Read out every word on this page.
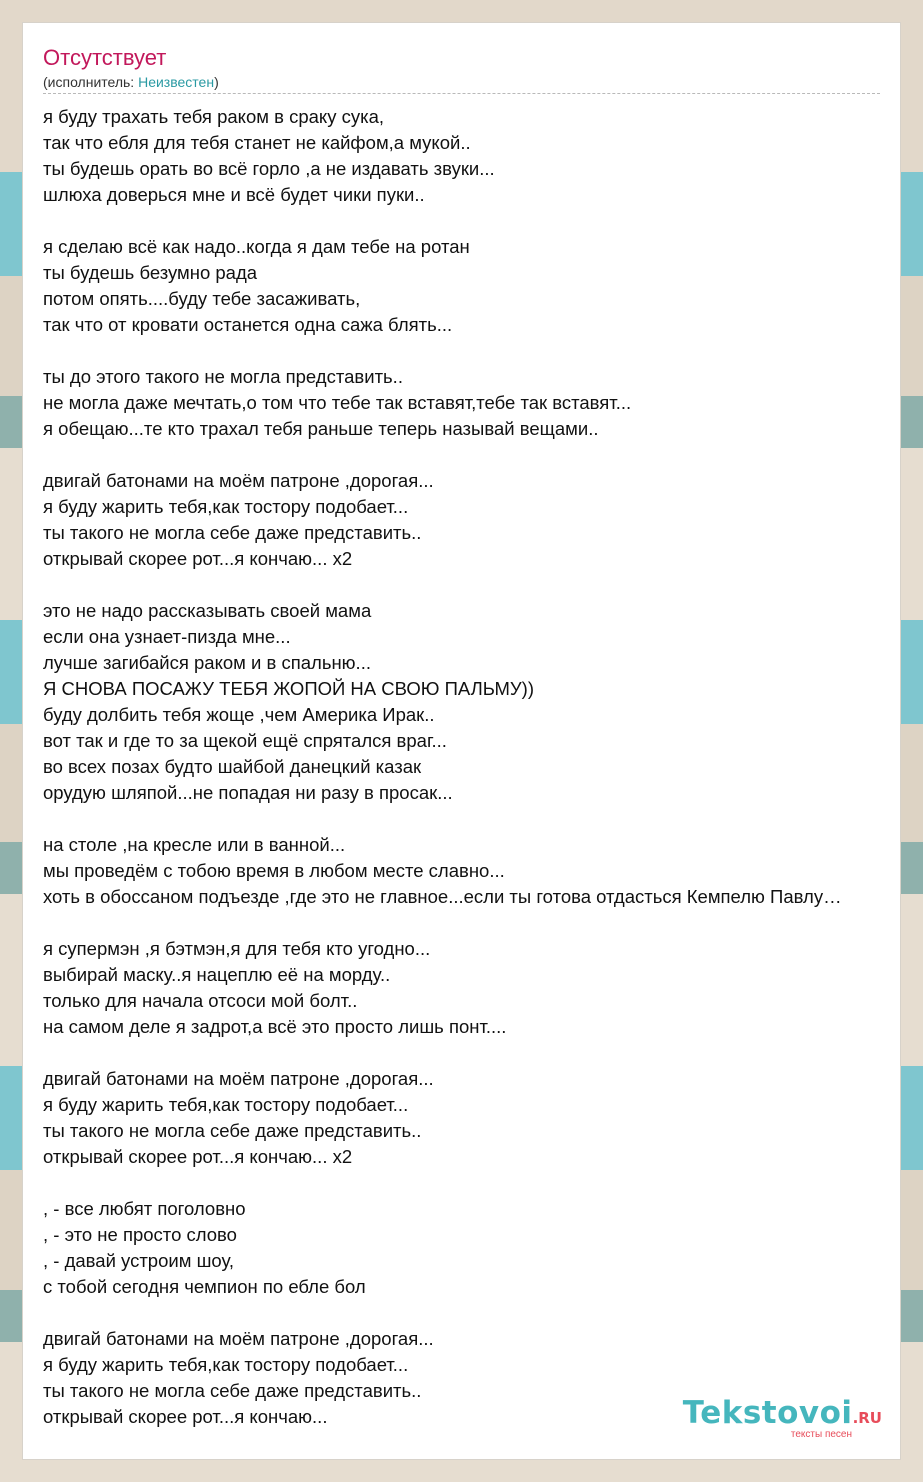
Отсутствует
(исполнитель: Неизвестен)
я буду трахать тебя раком в сраку сука,
так что ебля для тебя станет не кайфом,а мукой..
ты будешь орать во всё горло ,а не издавать звуки...
шлюха доверься мне и всё будет чики пуки..
я сделаю всё как надо..когда я дам тебе на ротан
ты будешь безумно рада
потом опять....буду тебе засаживать,
так что от кровати останется одна сажа блять...
ты до этого такого не могла представить..
не могла даже мечтать,о том что тебе так вставят,тебе так вставят...
я обещаю...те кто трахал тебя раньше теперь называй вещами..
двигай батонами на моём патроне ,дорогая...
я буду жарить тебя,как тостору подобает...
ты такого не могла себе даже представить..
открывай скорее рот...я кончаю... x2
это не надо рассказывать своей мама
если она узнает-пизда мне...
лучше загибайся раком и в спальню...
Я СНОВА ПОСАЖУ ТЕБЯ ЖОПОЙ НА СВОЮ ПАЛЬМУ))
буду долбить тебя жоще ,чем Америка Ирак..
вот так и где то за щекой ещё спрятался враг...
во всех позах будто шайбой данецкий казак
орудую шляпой...не попадая ни разу в просак...
на столе ,на кресле или в ванной...
мы проведём с тобою время в любом месте славно...
хоть в обоссаном подъезде ,где это не главное...если ты готова отдасться Кемпелю Павлу…
я супермэн ,я бэтмэн,я для тебя кто угодно...
выбирай маску..я нацеплю её на морду..
только для начала отсоси мой болт..
на самом деле я задрот,а всё это просто лишь понт....
двигай батонами на моём патроне ,дорогая...
я буду жарить тебя,как тостору подобает...
ты такого не могла себе даже представить..
открывай скорее рот...я кончаю... x2
, - все любят поголовно
, - это не просто слово
, - давай устроим шоу,
с тобой сегодня чемпион по ебле бол
двигай батонами на моём патроне ,дорогая...
я буду жарить тебя,как тостору подобает...
ты такого не могла себе даже представить..
открывай скорее рот...я кончаю...	Tekstovoi.RU
тексты песен
